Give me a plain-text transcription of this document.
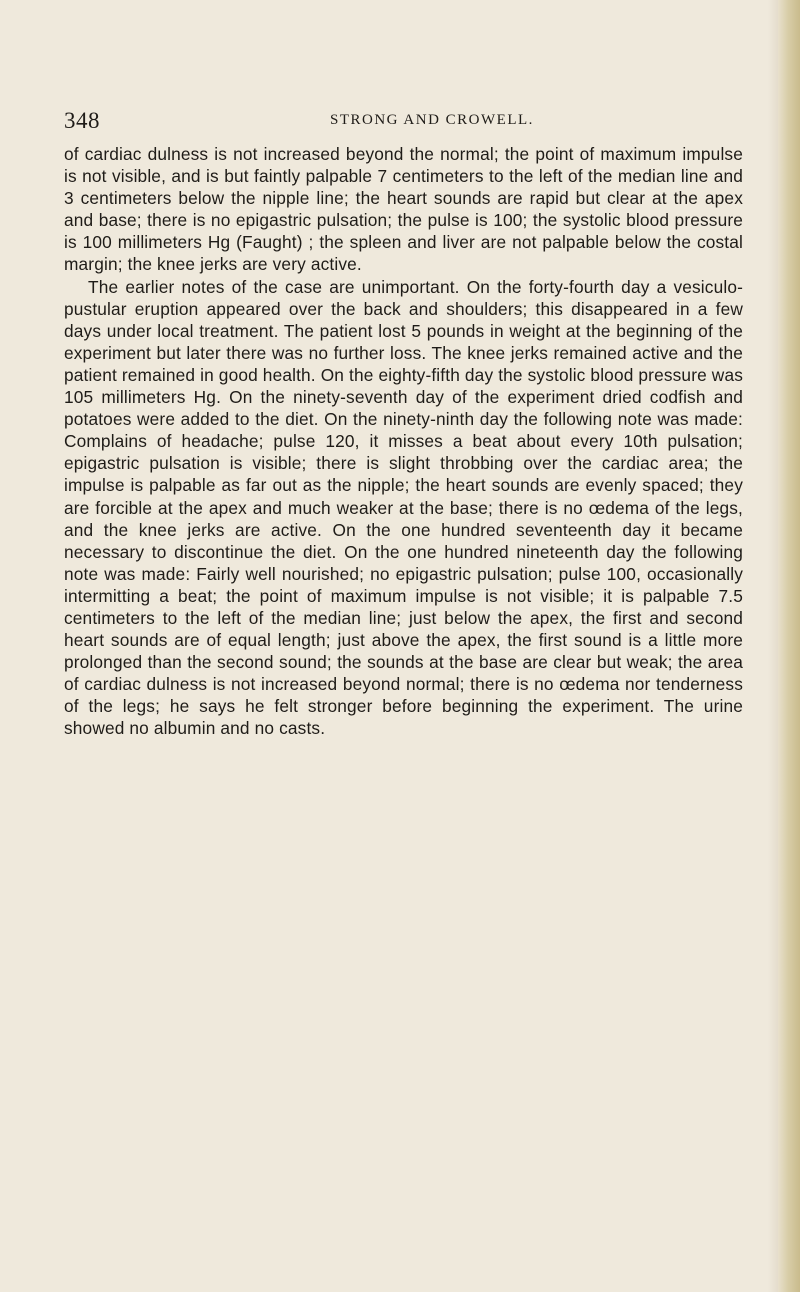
348	STRONG AND CROWELL.

of cardiac dulness is not increased beyond the normal; the point of maximum impulse is not visible, and is but faintly palpable 7 centimeters to the left of the median line and 3 centimeters below the nipple line; the heart sounds are rapid but clear at the apex and base; there is no epigastric pulsation; the pulse is 100; the systolic blood pressure is 100 millimeters Hg (Faught) ; the spleen and liver are not palpable below the costal margin; the knee jerks are very active.

The earlier notes of the case are unimportant. On the forty-fourth day a vesiculo-pustular eruption appeared over the back and shoulders; this disappeared in a few days under local treatment. The patient lost 5 pounds in weight at the beginning of the experiment but later there was no further loss. The knee jerks remained active and the patient remained in good health. On the eighty-fifth day the systolic blood pressure was 105 millimeters Hg. On the ninety-seventh day of the experiment dried codfish and potatoes were added to the diet. On the ninety-ninth day the following note was made: Complains of headache; pulse 120, it misses a beat about every 10th pulsation; epigastric pulsation is visible; there is slight throbbing over the cardiac area; the impulse is palpable as far out as the nipple; the heart sounds are evenly spaced; they are forcible at the apex and much weaker at the base; there is no œdema of the legs, and the knee jerks are active. On the one hundred seventeenth day it became necessary to discontinue the diet. On the one hundred nineteenth day the following note was made: Fairly well nourished; no epigastric pulsation; pulse 100, occasionally intermitting a beat; the point of maximum impulse is not visible; it is palpable 7.5 centimeters to the left of the median line; just below the apex, the first and second heart sounds are of equal length; just above the apex, the first sound is a little more prolonged than the second sound; the sounds at the base are clear but weak; the area of cardiac dulness is not increased beyond normal; there is no œdema nor tenderness of the legs; he says he felt stronger before beginning the experiment. The urine showed no albumin and no casts.
